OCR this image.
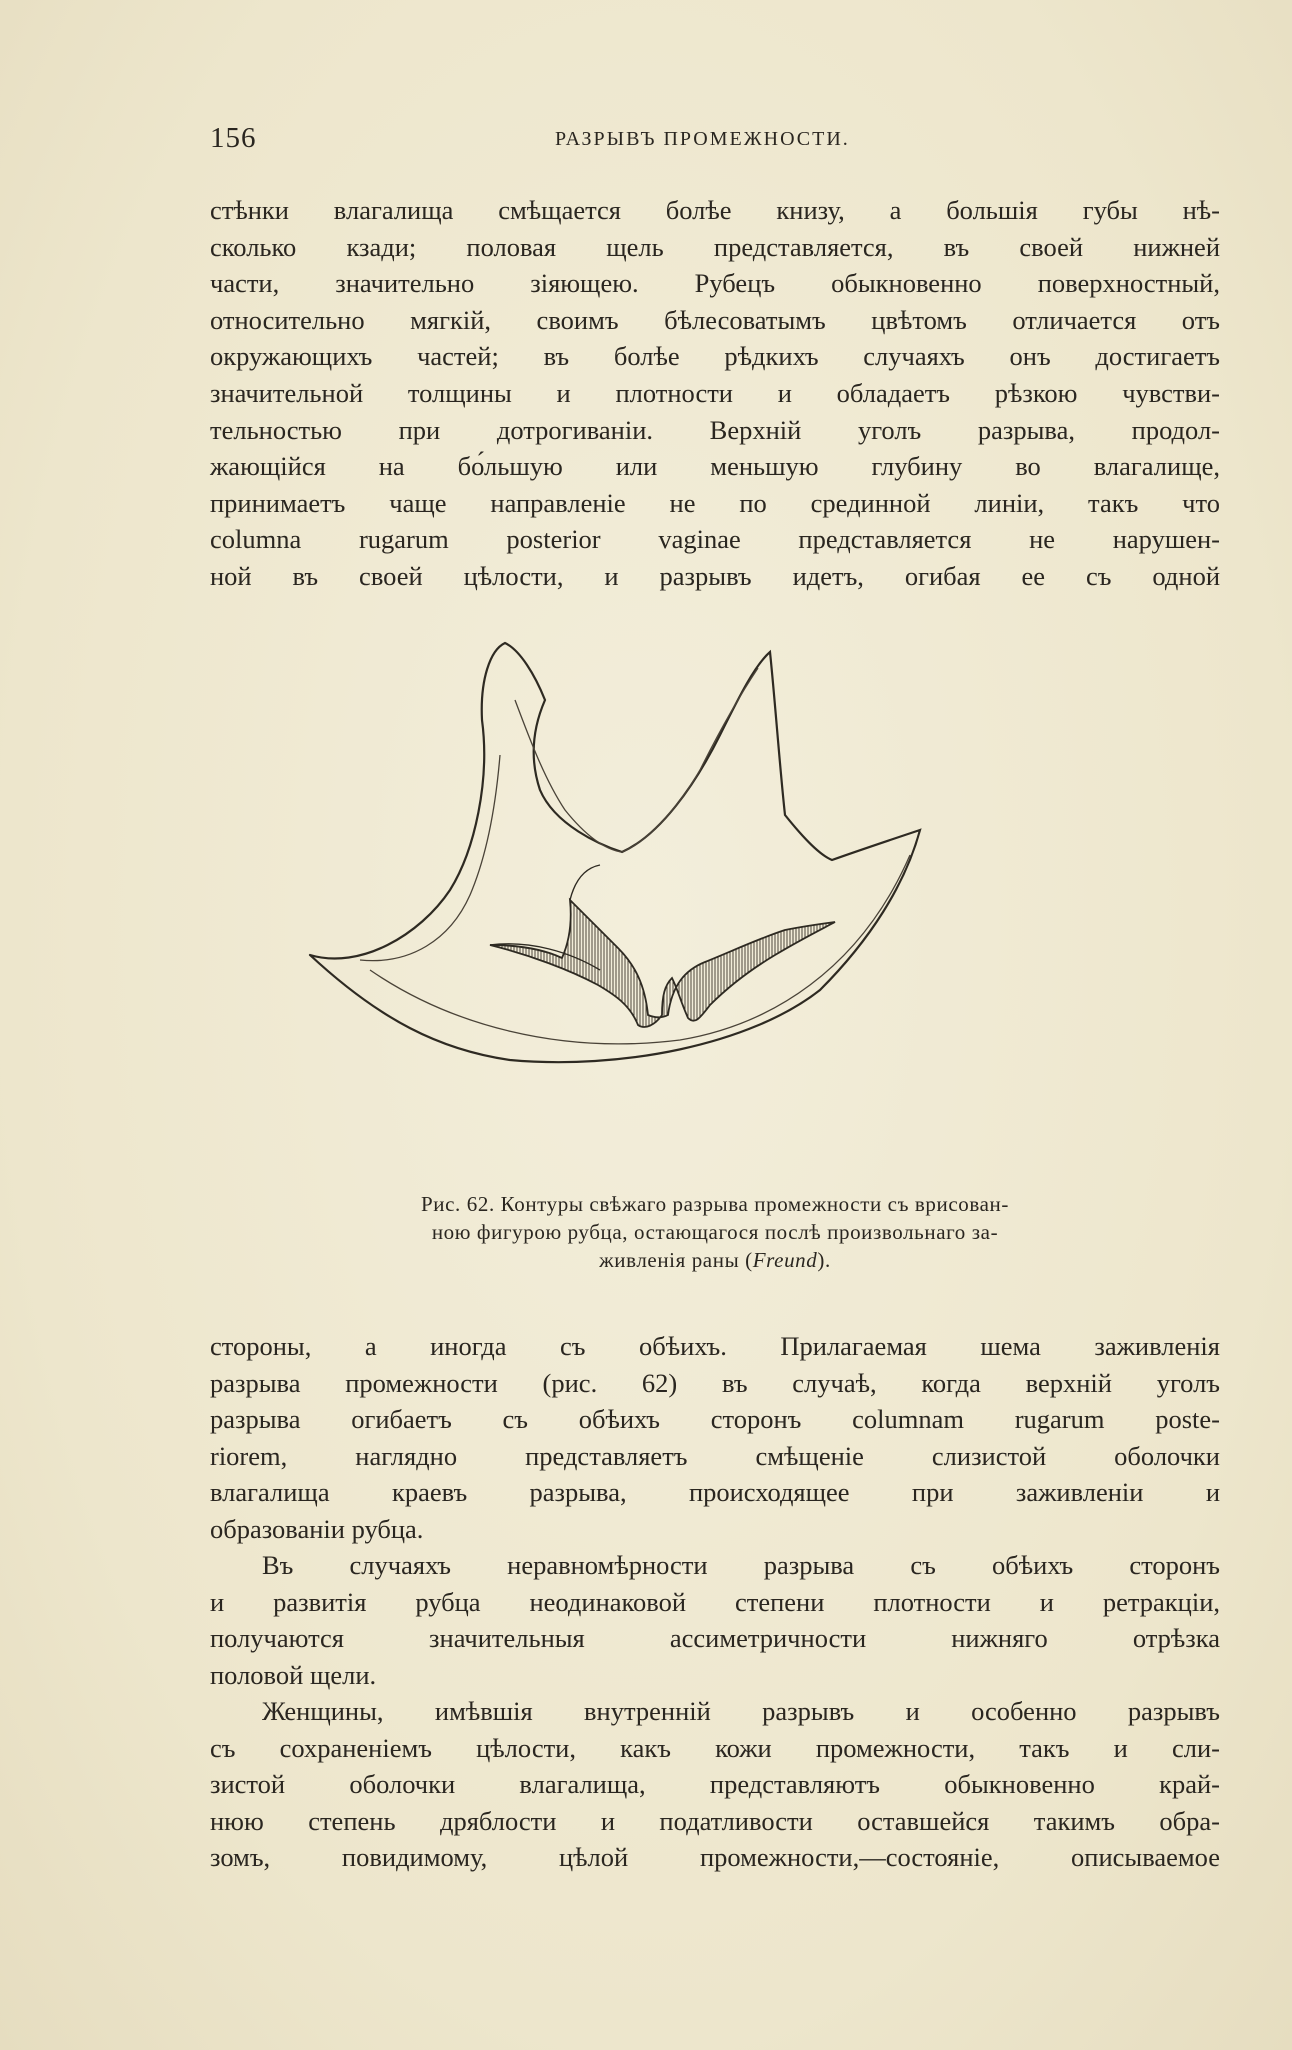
156	РАЗРЫВЪ ПРОМЕЖНОСТИ.
стѣнки влагалища смѣщается болѣе книзу, а большія губы нѣ-
сколько кзади; половая щель представляется, въ своей нижней
части, значительно зіяющею. Рубецъ обыкновенно поверхностный,
относительно мягкій, своимъ бѣлесоватымъ цвѣтомъ отличается отъ
окружающихъ частей; въ болѣе рѣдкихъ случаяхъ онъ достигаетъ
значительной толщины и плотности и обладаетъ рѣзкою чувстви-
тельностью при дотрогиваніи. Верхній уголъ разрыва, продол-
жающійся на бо́льшую или меньшую глубину во влагалище,
принимаетъ чаще направленіе не по срединной линіи, такъ что
columna rugarum posterior vaginae представляется не нарушен-
ной въ своей цѣлости, и разрывъ идетъ, огибая ее съ одной
Рис. 62. Контуры свѣжаго разрыва промежности съ врисован-
ною фигурою рубца, остающагося послѣ произвольнаго за-
живленія раны (Freund).
стороны, а иногда съ обѣихъ. Прилагаемая шема заживленія
разрыва промежности (рис. 62) въ случаѣ, когда верхній уголъ
разрыва огибаетъ съ обѣихъ сторонъ columnam rugarum poste-
riorem, наглядно представляетъ смѣщеніе слизистой оболочки
влагалища краевъ разрыва, происходящее при заживленіи и
образованіи рубца.
Въ случаяхъ неравномѣрности разрыва съ обѣихъ сторонъ
и развитія рубца неодинаковой степени плотности и ретракціи,
получаются значительныя ассиметричности нижняго отрѣзка
половой щели.
Женщины, имѣвшія внутренній разрывъ и особенно разрывъ
съ сохраненіемъ цѣлости, какъ кожи промежности, такъ и сли-
зистой оболочки влагалища, представляютъ обыкновенно край-
нюю степень дряблости и податливости оставшейся такимъ обра-
зомъ, повидимому, цѣлой промежности,—состояніе, описываемое
